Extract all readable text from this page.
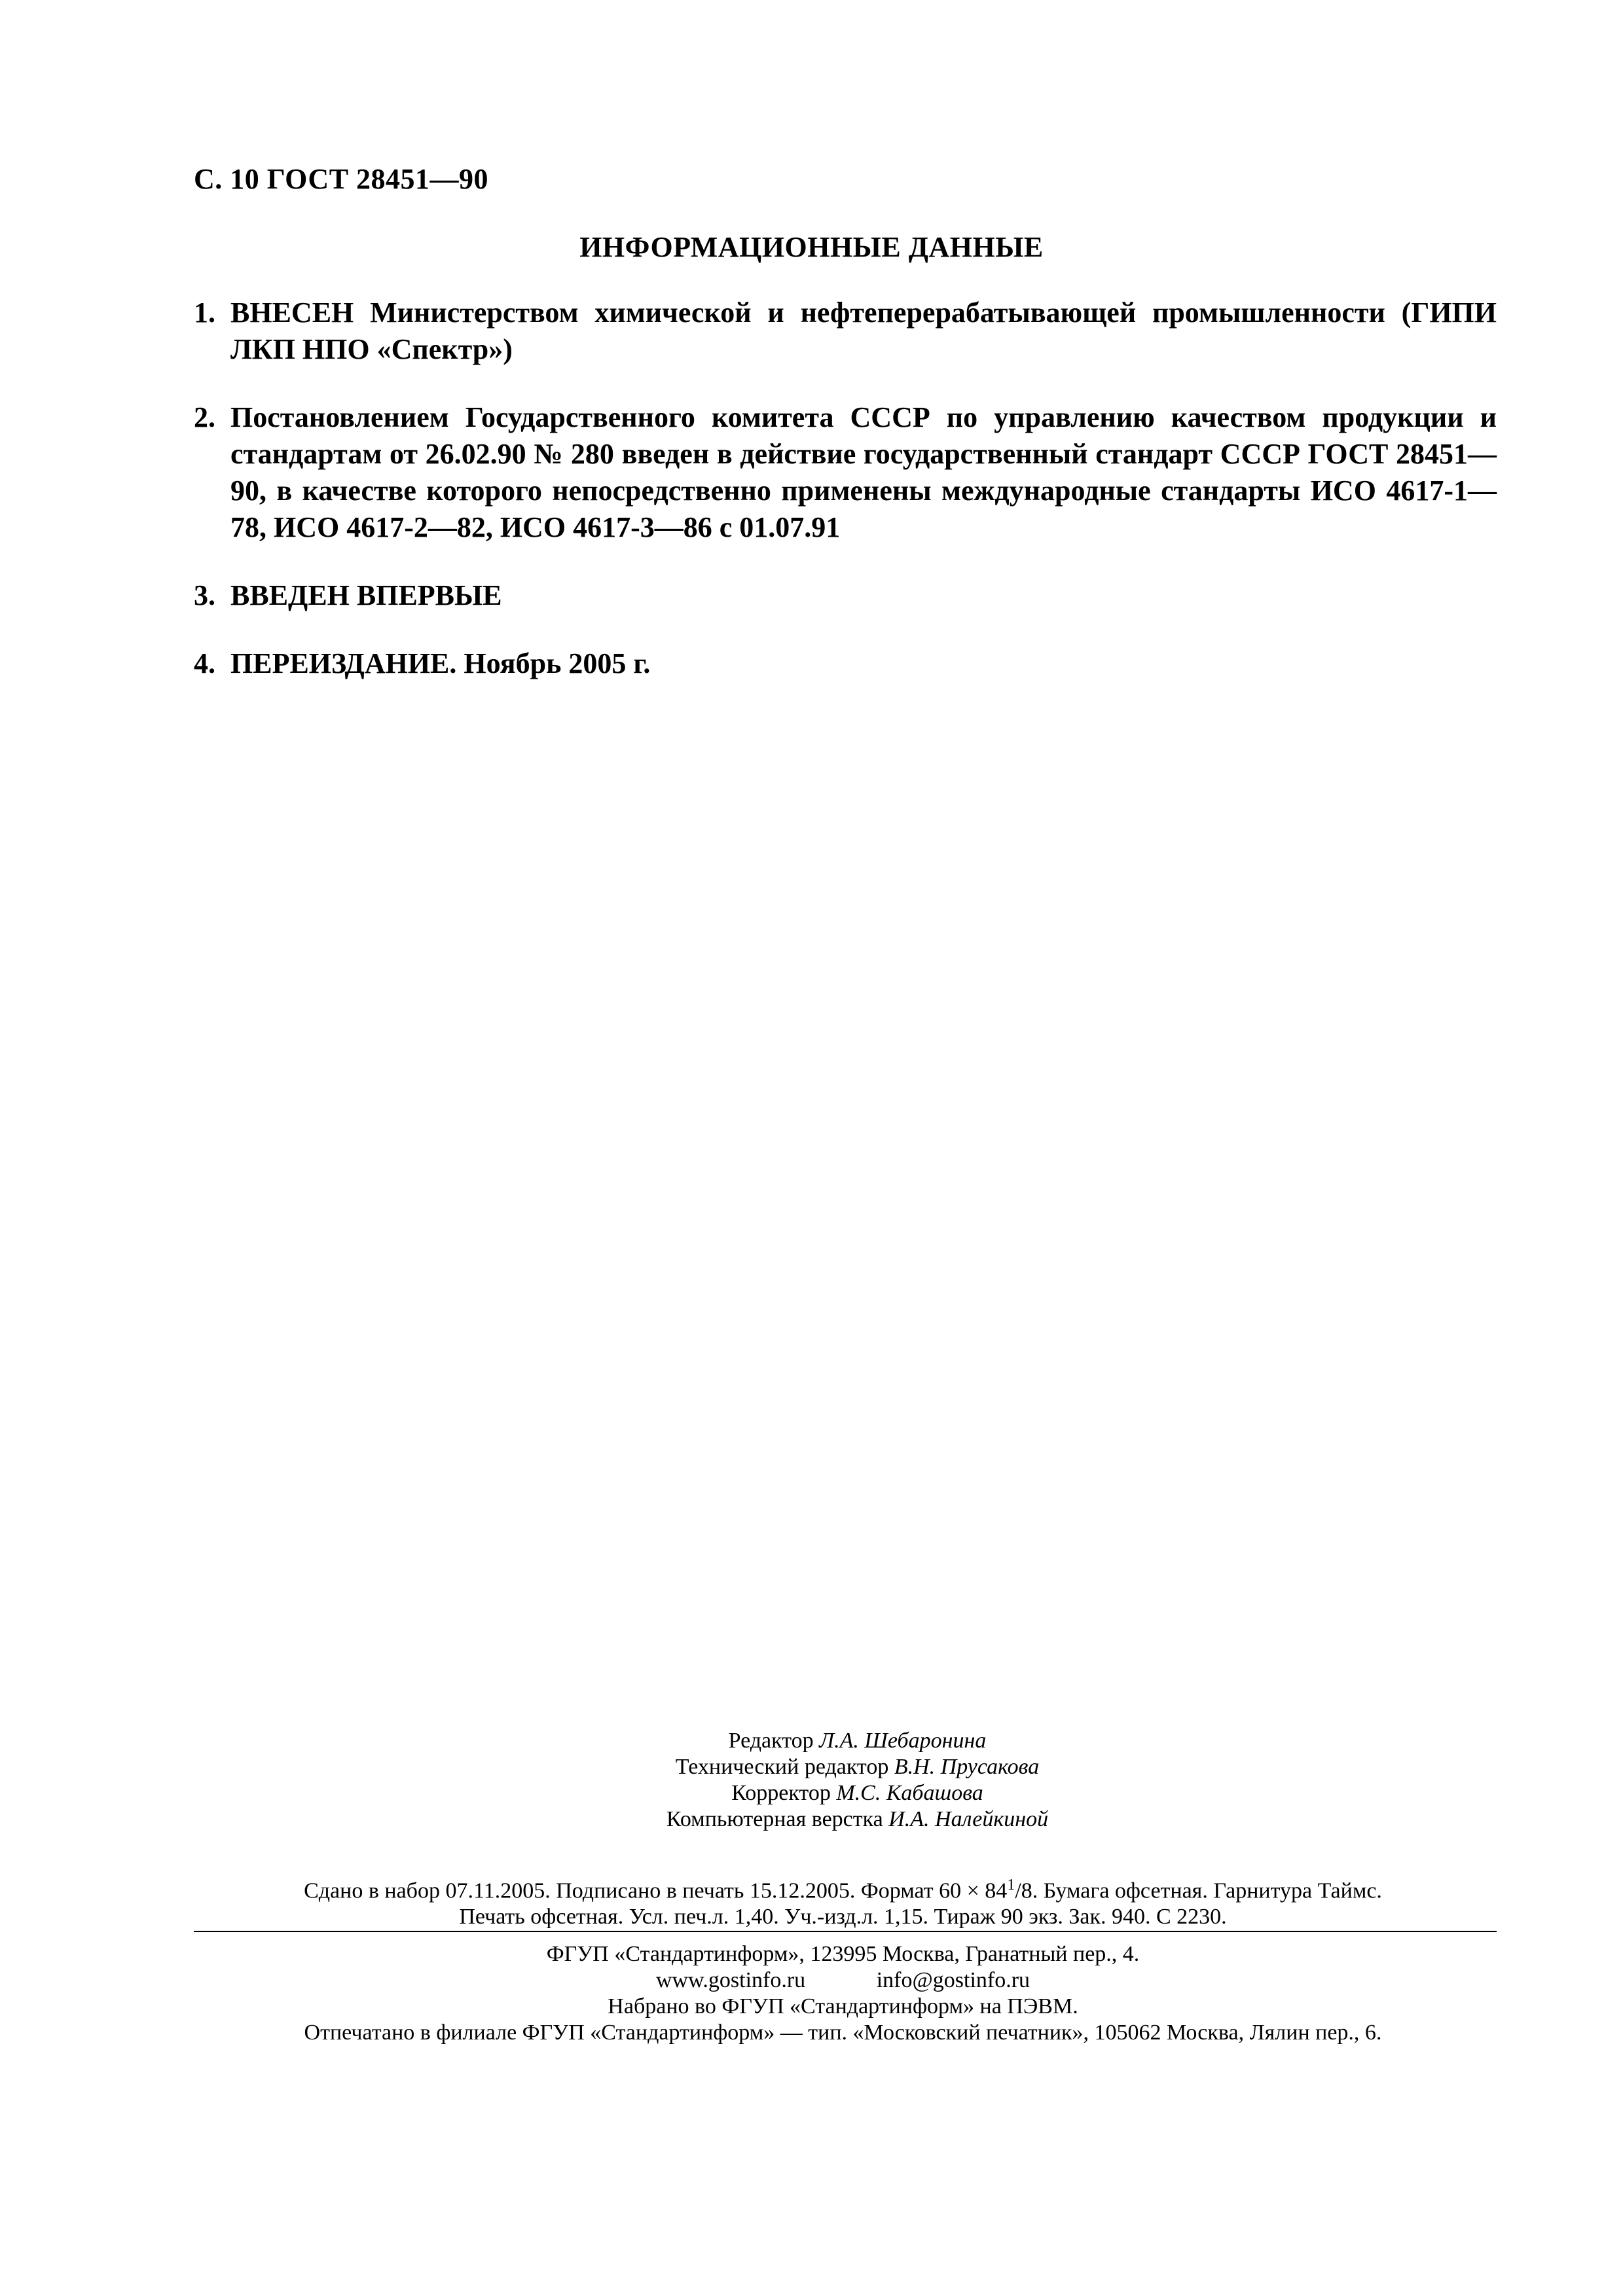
С. 10 ГОСТ 28451—90
ИНФОРМАЦИОННЫЕ ДАННЫЕ
1. ВНЕСЕН Министерством химической и нефтеперерабатывающей промышленности (ГИПИ ЛКП НПО «Спектр»)
2. Постановлением Государственного комитета СССР по управлению качеством продукции и стандартам от 26.02.90 № 280 введен в действие государственный стандарт СССР ГОСТ 28451—90, в качестве которого непосредственно применены международные стандарты ИСО 4617-1—78, ИСО 4617-2—82, ИСО 4617-3—86 с 01.07.91
3. ВВЕДЕН ВПЕРВЫЕ
4. ПЕРЕИЗДАНИЕ. Ноябрь 2005 г.
Редактор Л.А. Шебаронина
Технический редактор В.Н. Прусакова
Корректор М.С. Кабашова
Компьютерная верстка И.А. Налейкиной
Сдано в набор 07.11.2005. Подписано в печать 15.12.2005. Формат $60 \times 84^1/8$. Бумага офсетная. Гарнитура Таймс.
Печать офсетная. Усл. печ.л. 1,40. Уч.-изд.л. 1,15. Тираж 90 экз. Зак. 940. С 2230.
ФГУП «Стандартинформ», 123995 Москва, Гранатный пер., 4.
www.gostinfo.ru	info@gostinfo.ru
Набрано во ФГУП «Стандартинформ» на ПЭВМ.
Отпечатано в филиале ФГУП «Стандартинформ» — тип. «Московский печатник», 105062 Москва, Лялин пер., 6.
